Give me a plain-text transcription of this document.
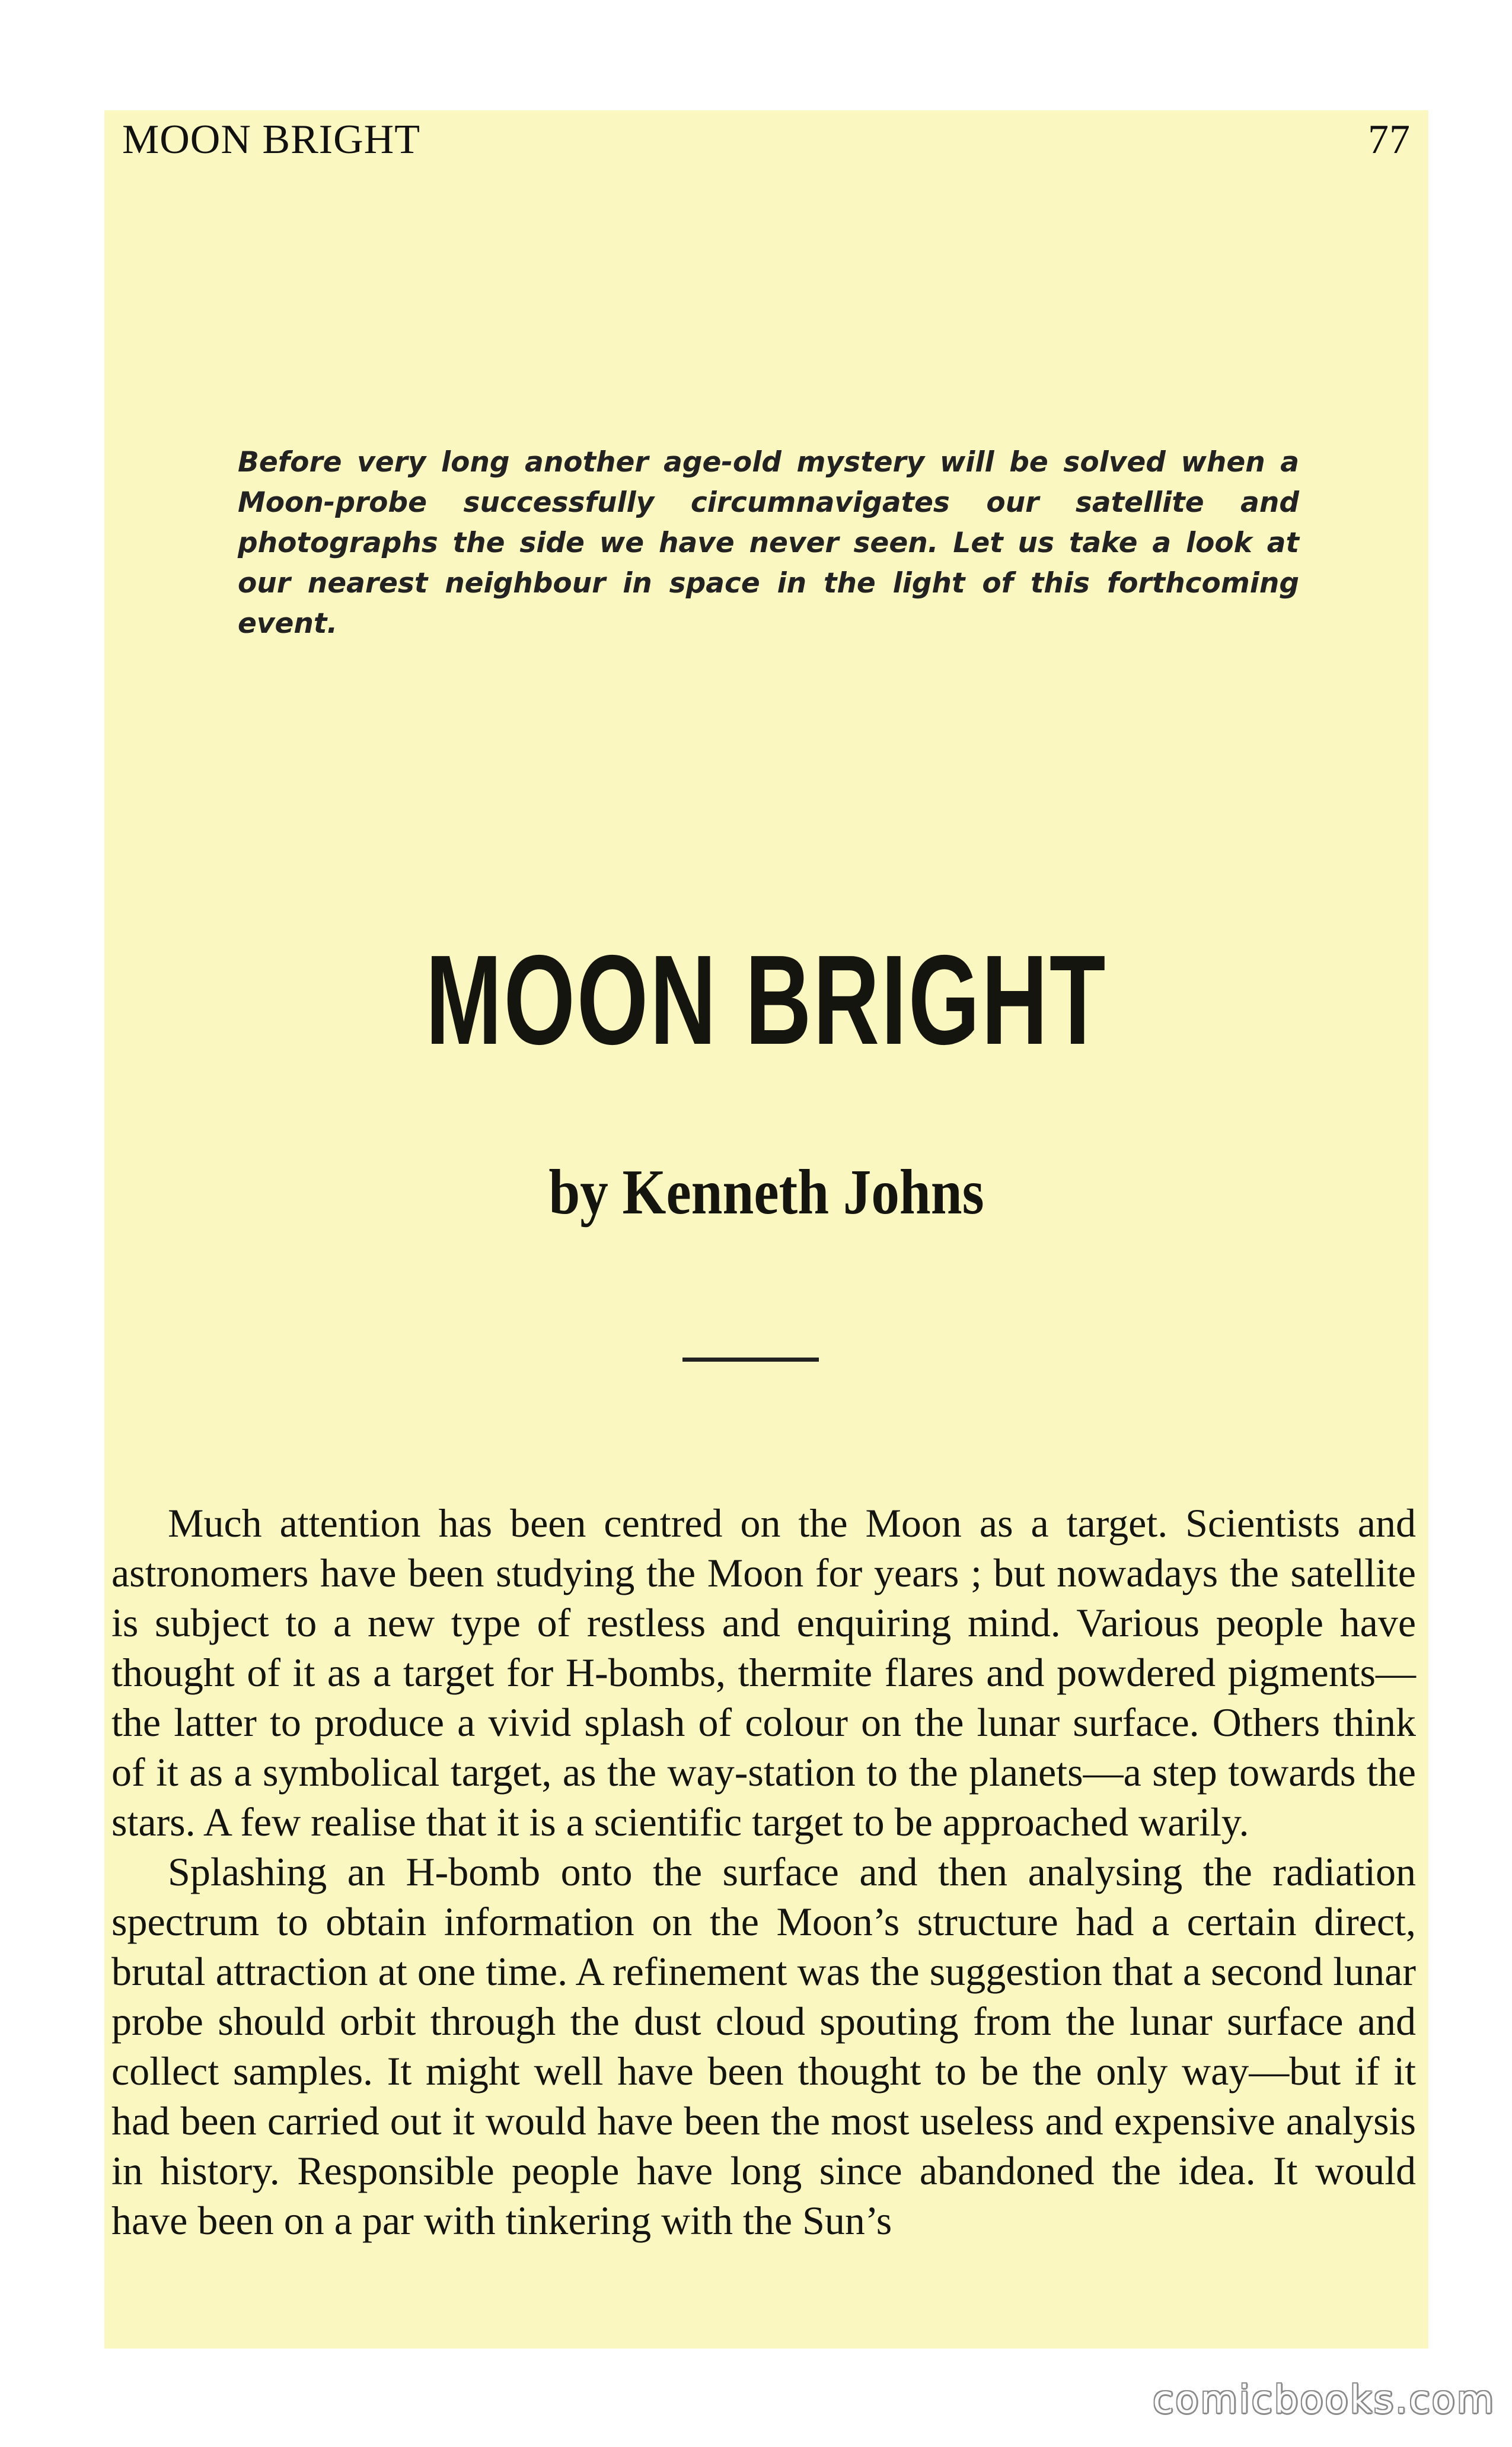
MOON BRIGHT	77
Before very long another age-old mystery will be solved when a Moon-probe successfully circumnavigates our satellite and photographs the side we have never seen. Let us take a look at our nearest neighbour in space in the light of this forthcoming event.
MOON BRIGHT
by Kenneth Johns

Much attention has been centred on the Moon as a target. Scientists and astronomers have been studying the Moon for years ; but nowadays the satellite is subject to a new type of restless and enquiring mind. Various people have thought of it as a target for H-bombs, thermite flares and powdered pigments—the latter to produce a vivid splash of colour on the lunar surface. Others think of it as a symbolical target, as the way-station to the planets—a step towards the stars. A few realise that it is a scientific target to be approached warily.

Splashing an H-bomb onto the surface and then analysing the radiation spectrum to obtain information on the Moon’s structure had a certain direct, brutal attraction at one time. A refinement was the suggestion that a second lunar probe should orbit through the dust cloud spouting from the lunar surface and collect samples. It might well have been thought to be the only way—but if it had been carried out it would have been the most useless and expensive analysis in history. Responsible people have long since abandoned the idea. It would have been on a par with tinkering with the Sun’s

comicbooks.com
